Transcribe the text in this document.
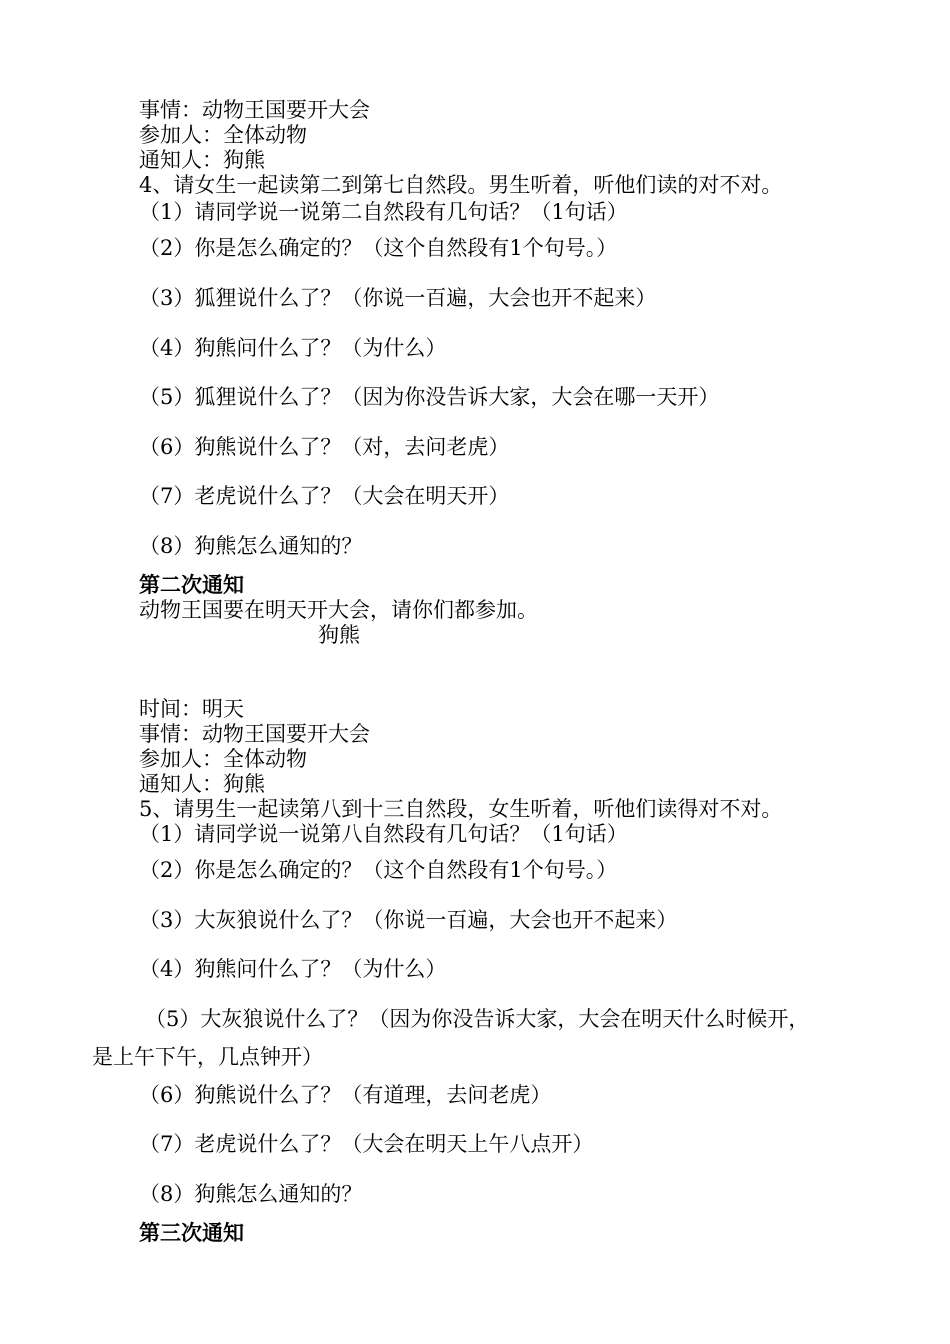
事情：动物王国要开大会
参加人：全体动物
通知人：狗熊
4、请女生一起读第二到第七自然段。男生听着，听他们读的对不对。
（1）请同学说一说第二自然段有几句话？（1句话）
（2）你是怎么确定的？（这个自然段有1个句号。）
（3）狐狸说什么了？（你说一百遍，大会也开不起来）
（4）狗熊问什么了？（为什么）
（5）狐狸说什么了？（因为你没告诉大家，大会在哪一天开）
（6）狗熊说什么了？（对，去问老虎）
（7）老虎说什么了？（大会在明天开）
（8）狗熊怎么通知的？
第二次通知
动物王国要在明天开大会，请你们都参加。
狗熊
时间：明天
事情：动物王国要开大会
参加人：全体动物
通知人：狗熊
5、请男生一起读第八到十三自然段，女生听着，听他们读得对不对。
（1）请同学说一说第八自然段有几句话？（1句话）
（2）你是怎么确定的？（这个自然段有1个句号。）
（3）大灰狼说什么了？（你说一百遍，大会也开不起来）
（4）狗熊问什么了？（为什么）
（5）大灰狼说什么了？（因为你没告诉大家，大会在明天什么时候开，
是上午下午，几点钟开）
（6）狗熊说什么了？（有道理，去问老虎）
（7）老虎说什么了？（大会在明天上午八点开）
（8）狗熊怎么通知的？
第三次通知
